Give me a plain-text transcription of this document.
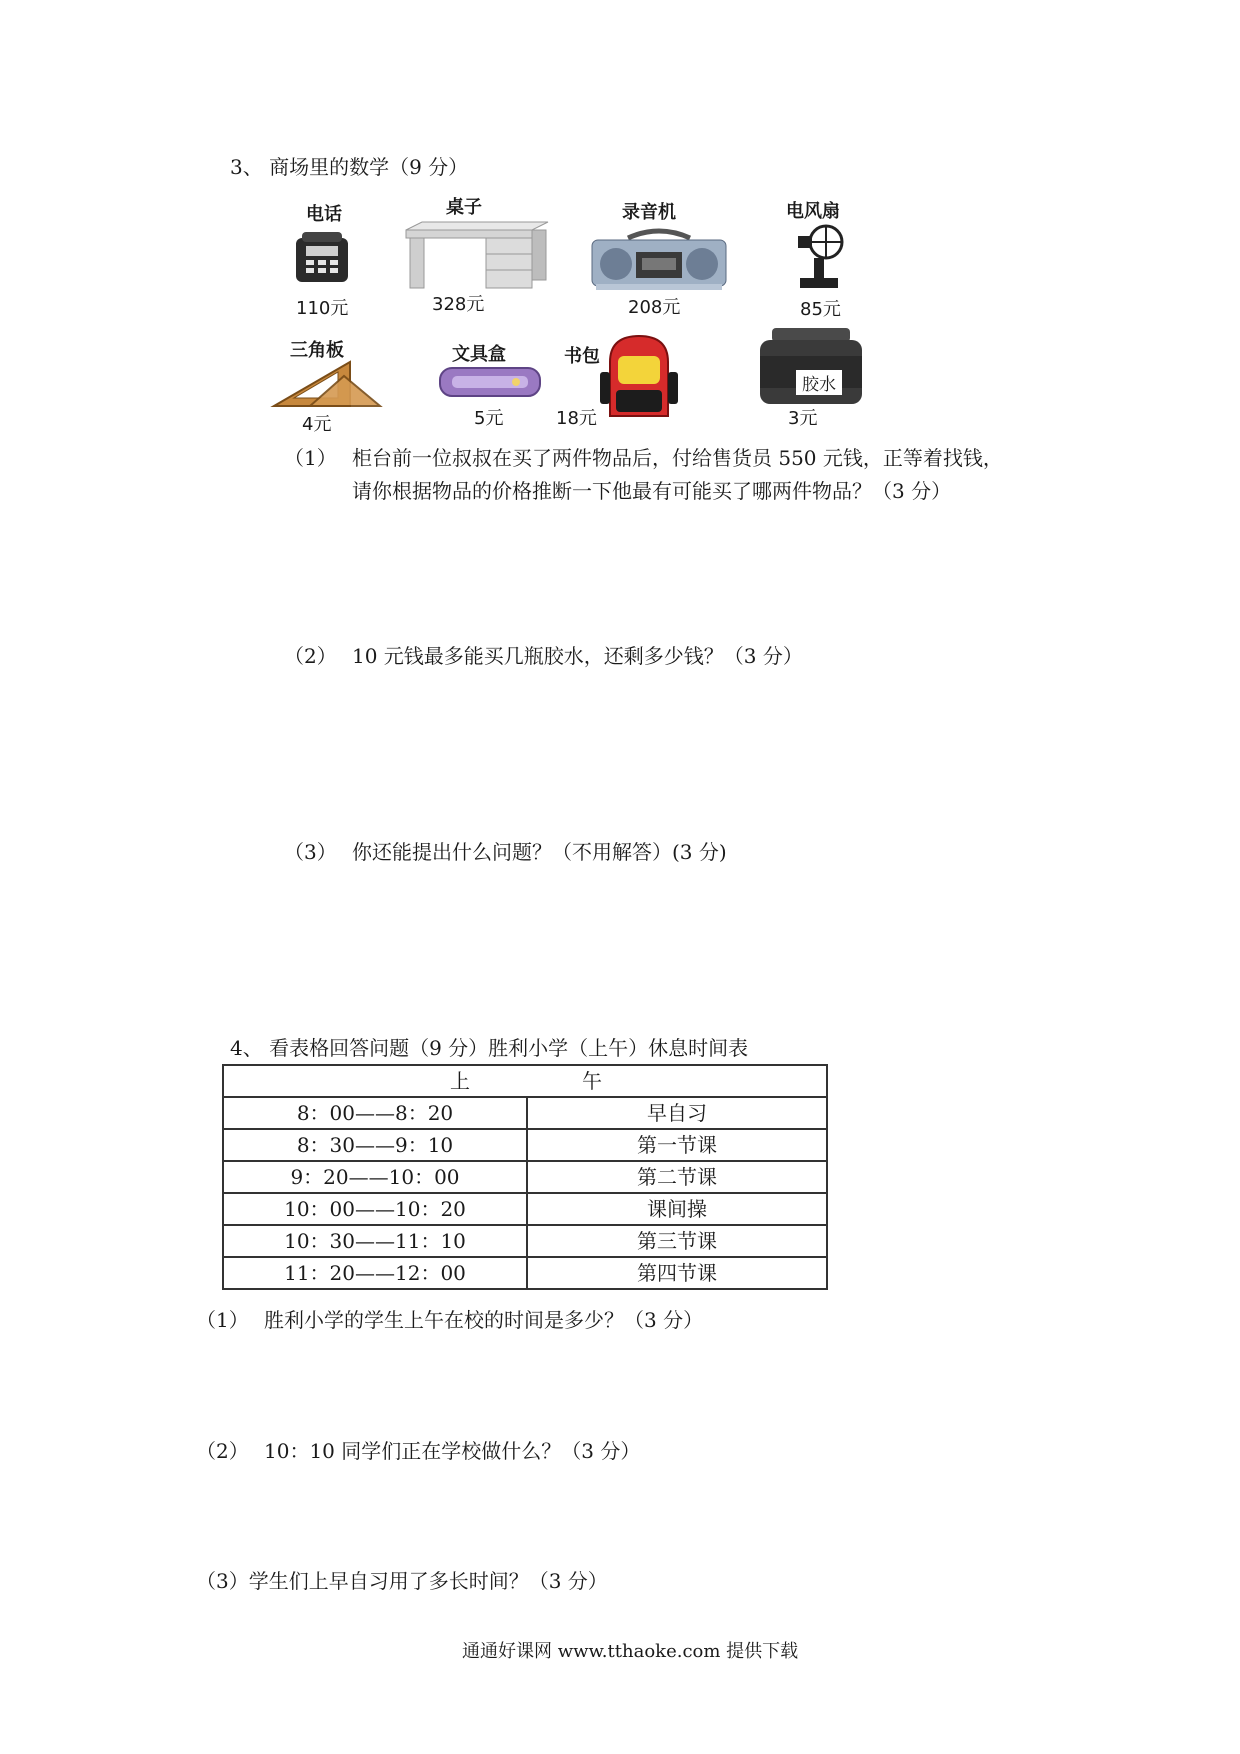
3、 商场里的数学（9 分）
电话
110元
桌子
328元
录音机
208元
电风扇
85元
三角板
4元
文具盒
5元
书包
18元
胶水
3元
（1） 柜台前一位叔叔在买了两件物品后，付给售货员 550 元钱，正等着找钱，
请你根据物品的价格推断一下他最有可能买了哪两件物品？（3 分）
（2） 10 元钱最多能买几瓶胶水，还剩多少钱？（3 分）
（3） 你还能提出什么问题？（不用解答）(3 分)
4、 看表格回答问题（9 分）胜利小学（上午）休息时间表
上 午	

8：00——8：20	早自习
8：30——9：10	第一节课
9：20——10：00	第二节课
10：00——10：20	课间操
10：30——11：10	第三节课
11：20——12：00	第四节课
（1） 胜利小学的学生上午在校的时间是多少？（3 分）
（2） 10：10 同学们正在学校做什么？（3 分）
（3）学生们上早自习用了多长时间？（3 分）
通通好课网 www.tthaoke.com 提供下载
